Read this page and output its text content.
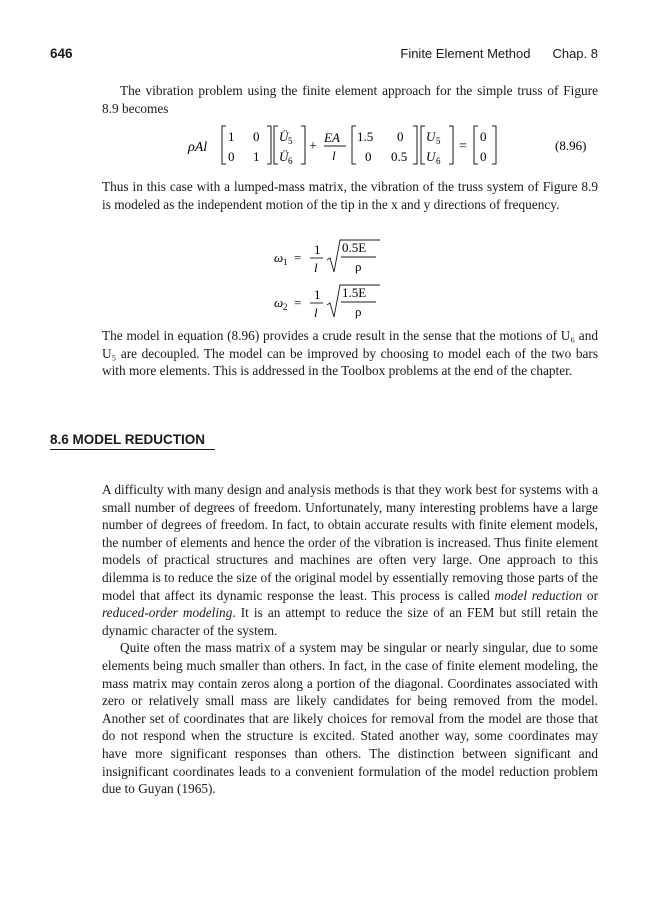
646	Finite Element Method Chap. 8

The vibration problem using the finite element approach for the simple truss of Figure 8.9 becomes

ρAl
1 0
0 1
Ü 5
Ü 6
+
EA
l
1.5 0
0 0.5
U 5
U 6
=
0
0
(8.96)

Thus in this case with a lumped-mass matrix, the vibration of the truss system of Figure 8.9 is modeled as the independent motion of the tip in the x and y directions of frequency.

ω 1 =
1
l
0.5E
ρ
ω 2 =
1
l
1.5E
ρ

The model in equation (8.96) provides a crude result in the sense that the motions of U₆ and U₅ are decoupled. The model can be improved by choosing to model each of the two bars with more elements. This is addressed in the Toolbox problems at the end of the chapter.

8.6 MODEL REDUCTION

A difficulty with many design and analysis methods is that they work best for systems with a small number of degrees of freedom. Unfortunately, many interesting problems have a large number of degrees of freedom. In fact, to obtain accurate results with finite element models, the number of elements and hence the order of the vibration is increased. Thus finite element models of practical structures and machines are often very large. One approach to this dilemma is to reduce the size of the original model by essentially removing those parts of the model that affect its dynamic response the least. This process is called model reduction or reduced-order modeling. It is an attempt to reduce the size of an FEM but still retain the dynamic character of the system.

Quite often the mass matrix of a system may be singular or nearly singular, due to some elements being much smaller than others. In fact, in the case of finite element modeling, the mass matrix may contain zeros along a portion of the diagonal. Coordinates associated with zero or relatively small mass are likely candidates for being removed from the model. Another set of coordinates that are likely choices for removal from the model are those that do not respond when the structure is excited. Stated another way, some coordinates may have more significant responses than others. The distinction between significant and insignificant coordinates leads to a convenient formulation of the model reduction problem due to Guyan (1965).
